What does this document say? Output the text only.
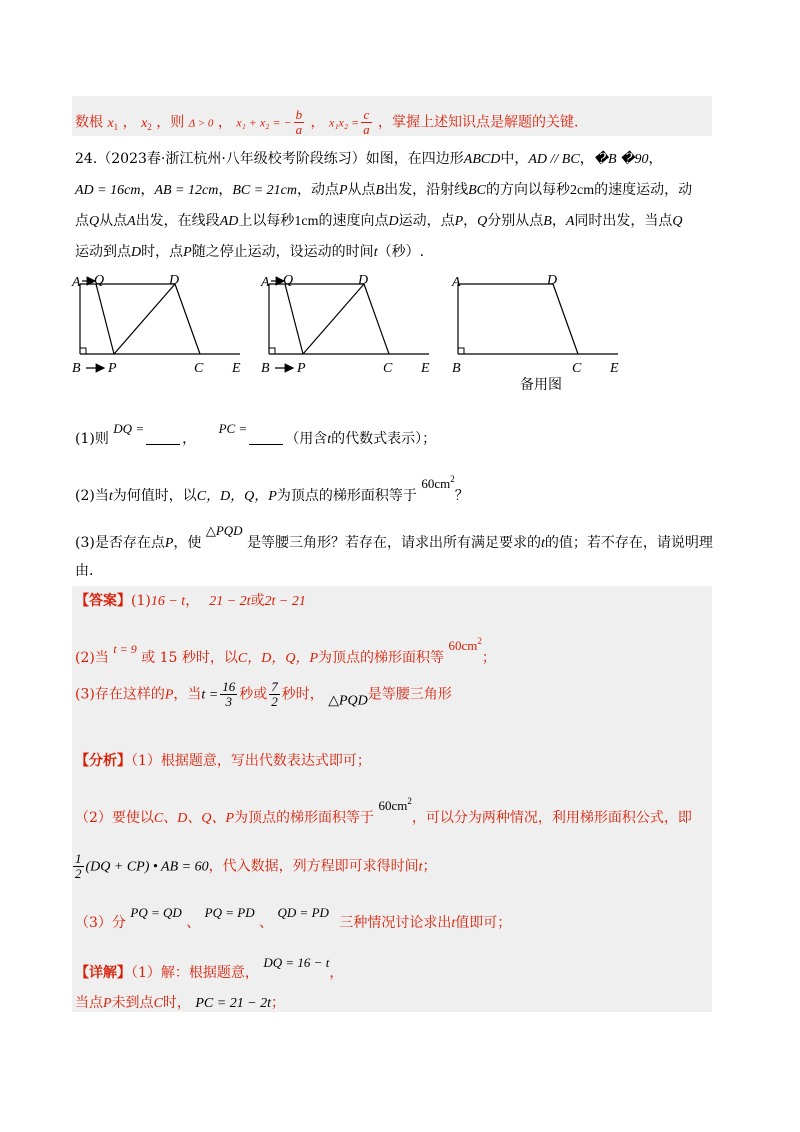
数根 $x_1$ ， $x_2$ ，则 Δ > 0 ， x₁ + x₂ = − $\frac{b}{a}$ ， $x_1x_2 = \frac{c}{a}$ ，掌握上述知识点是解题的关键.
24.（2023春·浙江杭州·八年级校考阶段练习）如图，在四边形ABCD中，AD // BC，�B �90，
AD = 16cm，AB = 12cm，BC = 21cm，动点P从点B出发，沿射线BC的方向以每秒2cm的速度运动，动
点Q从点A出发，在线段AD上以每秒1cm的速度向点D运动，点P，Q分别从点B，A同时出发，当点Q
运动到点D时，点P随之停止运动，设运动的时间t（秒）.
A Q	D
B P	C E
A Q	D
B P	C E
A	D
B	C E
备用图
(1)则 DQ =， PC =（用含t的代数式表示）；
(2)当t为何值时，以C，D，Q，P为顶点的梯形面积等于 $60cm^2$？
(3)是否存在点P，使 △PQD 是等腰三角形？若存在，请求出所有满足要求的t的值；若不存在，请说明理
由.
【答案】(1)16 − t， 21 − 2t或2t − 21
(2)当 t = 9 或 15 秒时，以C，D，Q，P为顶点的梯形面积等 $60cm^2$；
(3)存在这样的P，当$t = \frac{16}{3}$ 秒或 $\frac{7}{2}$ 秒时， △PQD是等腰三角形
【分析】（1）根据题意，写出代数表达式即可；
（2）要使以C、D、Q、P为顶点的梯形面积等于 $60cm^2$，可以分为两种情况，利用梯形面积公式，即
$\frac{1}{2} (DQ + CP)$ • AB = 60，代入数据，列方程即可求得时间t；
（3）分 PQ = QD 、 PQ = PD 、 QD = PD 三种情况讨论求出t值即可；
【详解】（1）解：根据题意， DQ = 16 − t，
当点P未到点C时， PC = 21 − 2t；
